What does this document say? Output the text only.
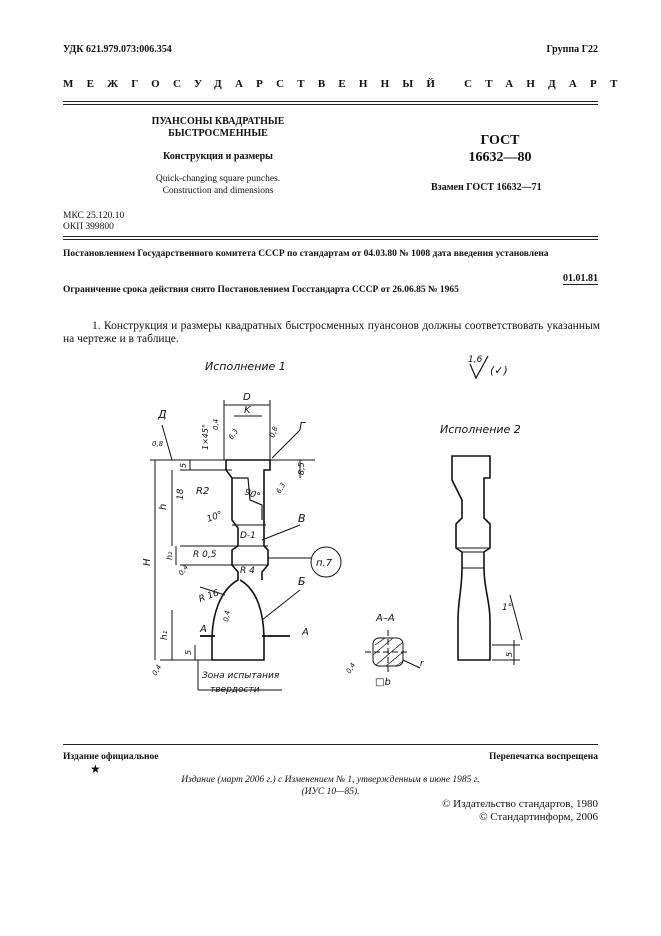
УДК 621.979.073:006.354	Группа Г22
МЕЖГОСУДАРСТВЕННЫЙ СТАНДАРТ
ПУАНСОНЫ КВАДРАТНЫЕ
БЫСТРОСМЕННЫЕ
Конструкция и размеры
Quick-changing square punches.
Construction and dimensions
ГОСТ
16632—80
Взамен ГОСТ 16632—71
МКС 25.120.10
ОКП 399800
Постановлением Государственного комитета СССР по стандартам от 04.03.80 № 1008 дата введения установлена
01.01.81
Ограничение срока действия снято Постановлением Госстандарта СССР от 26.06.85 № 1965
1. Конструкция и размеры квадратных быстросменных пуансонов должны соответствовать указанным на чертеже и в таблице.
Исполнение 1
Исполнение 2
1,6
(✓)
D
K
0,4
1×45° 6,3	0,8 Г
Д
0,8
5	8,5
R2	90° 6,3
18
10°	В
h
D-1
H
h₂ R 0,5
п.7
0,4	R 4
Б
R 16
0,4
A	A
h₁
5
0,4	Зона испытания
твердости
A–A
r
0,4
□b
1°
5
Издание официальное
★
Перепечатка воспрещена
Издание (март 2006 г.) с Изменением № 1, утвержденным в июне 1985 г.
(ИУС 10—85).
© Издательство стандартов, 1980
© Стандартинформ, 2006
